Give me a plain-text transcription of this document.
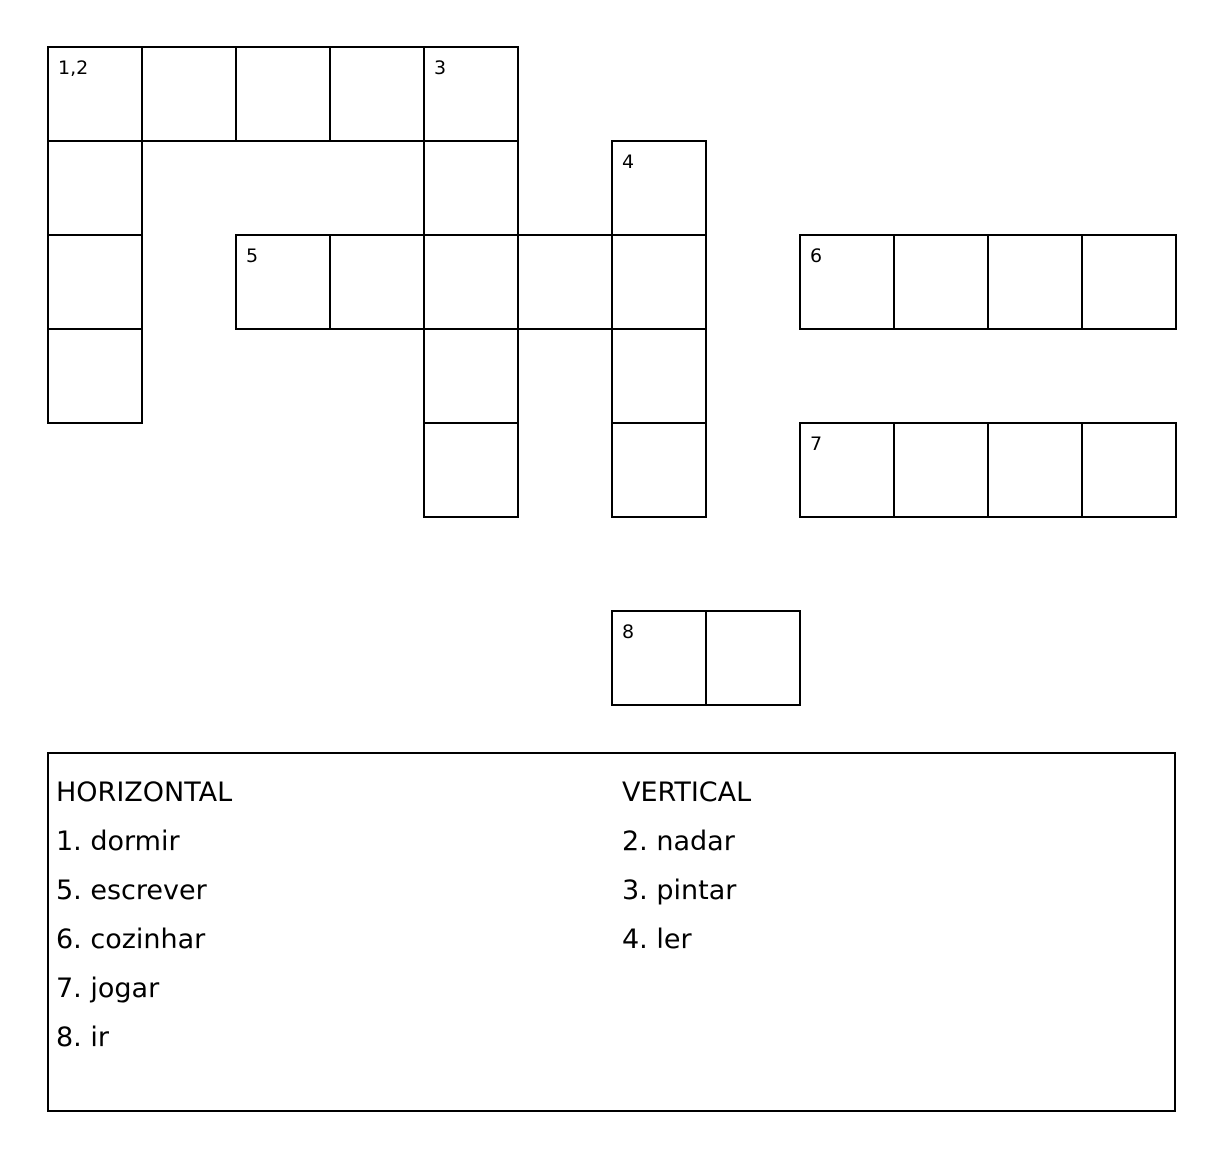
1,2	3
4
5	6
7
8
HORIZONTAL
1. dormir
5. escrever
6. cozinhar
7. jogar
8. ir
VERTICAL
2. nadar
3. pintar
4. ler
